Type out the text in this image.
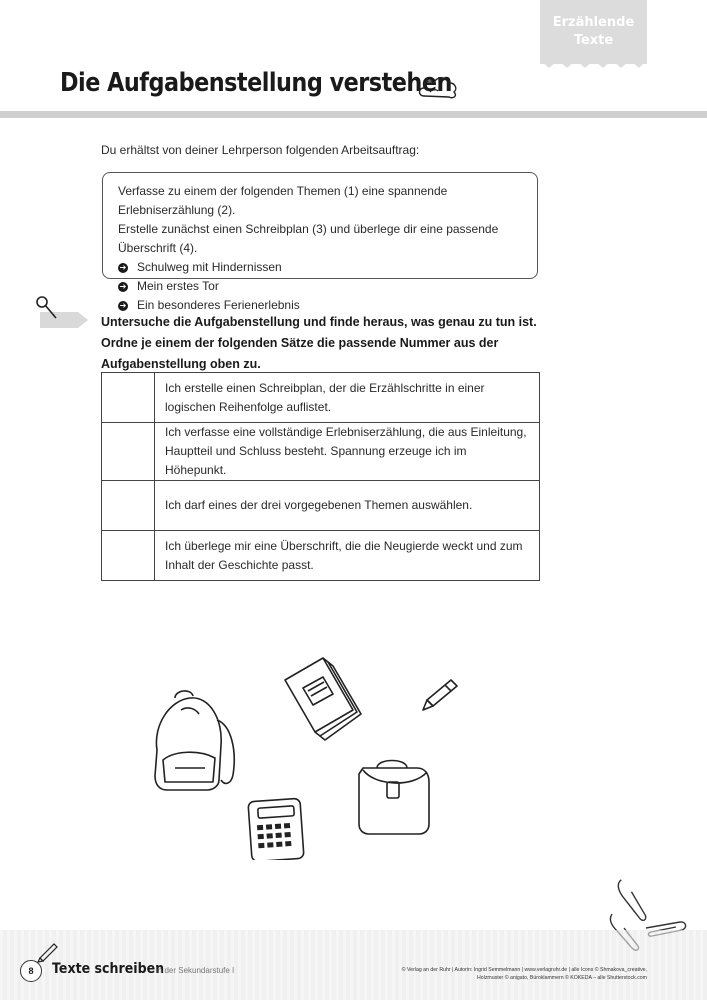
Erzählende
Texte
Die Aufgabenstellung verstehen
Du erhältst von deiner Lehrperson folgenden Arbeitsauftrag:
Verfasse zu einem der folgenden Themen (1) eine spannende Erlebniserzählung (2).
Erstelle zunächst einen Schreibplan (3) und überlege dir eine passende Überschrift (4).
➔ Schulweg mit Hindernissen
➔ Mein erstes Tor
➔ Ein besonderes Ferienerlebnis
Untersuche die Aufgabenstellung und finde heraus, was genau zu tun ist. Ordne je einem der folgenden Sätze die passende Nummer aus der Aufgabenstellung oben zu.
	Ich erstelle einen Schreibplan, der die Erzählschritte in einer logischen Reihenfolge auflistet.
	Ich verfasse eine vollständige Erlebniserzählung, die aus Einleitung, Hauptteil und Schluss besteht. Spannung erzeuge ich im Höhepunkt.
	Ich darf eines der drei vorgegebenen Themen auswählen.
	Ich überlege mir eine Überschrift, die die Neugierde weckt und zum Inhalt der Geschichte passt.
8	Texte schreiben
in der Sekundarstufe I	© Verlag an der Ruhr | Autorin: Ingrid Semmelmann | www.verlagruhr.de | alle Icons © Shmakova_creative,
Holzmuster © anigato, Büroklammern © KOKEDA – alle Shutterstock.com
